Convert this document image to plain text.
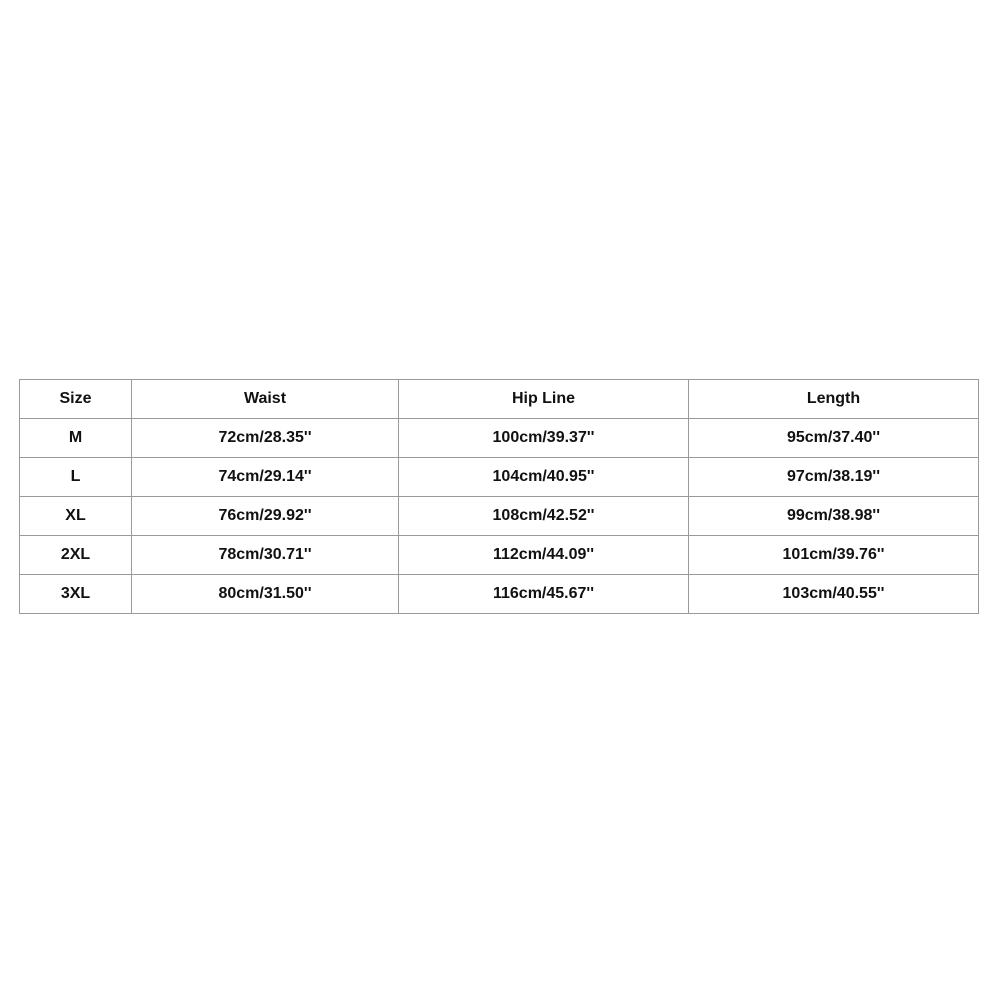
Size	Waist	Hip Line	Length
M	72cm/28.35''	100cm/39.37''	95cm/37.40''
L	74cm/29.14''	104cm/40.95''	97cm/38.19''
XL	76cm/29.92''	108cm/42.52''	99cm/38.98''
2XL	78cm/30.71''	112cm/44.09''	101cm/39.76''
3XL	80cm/31.50''	116cm/45.67''	103cm/40.55''
